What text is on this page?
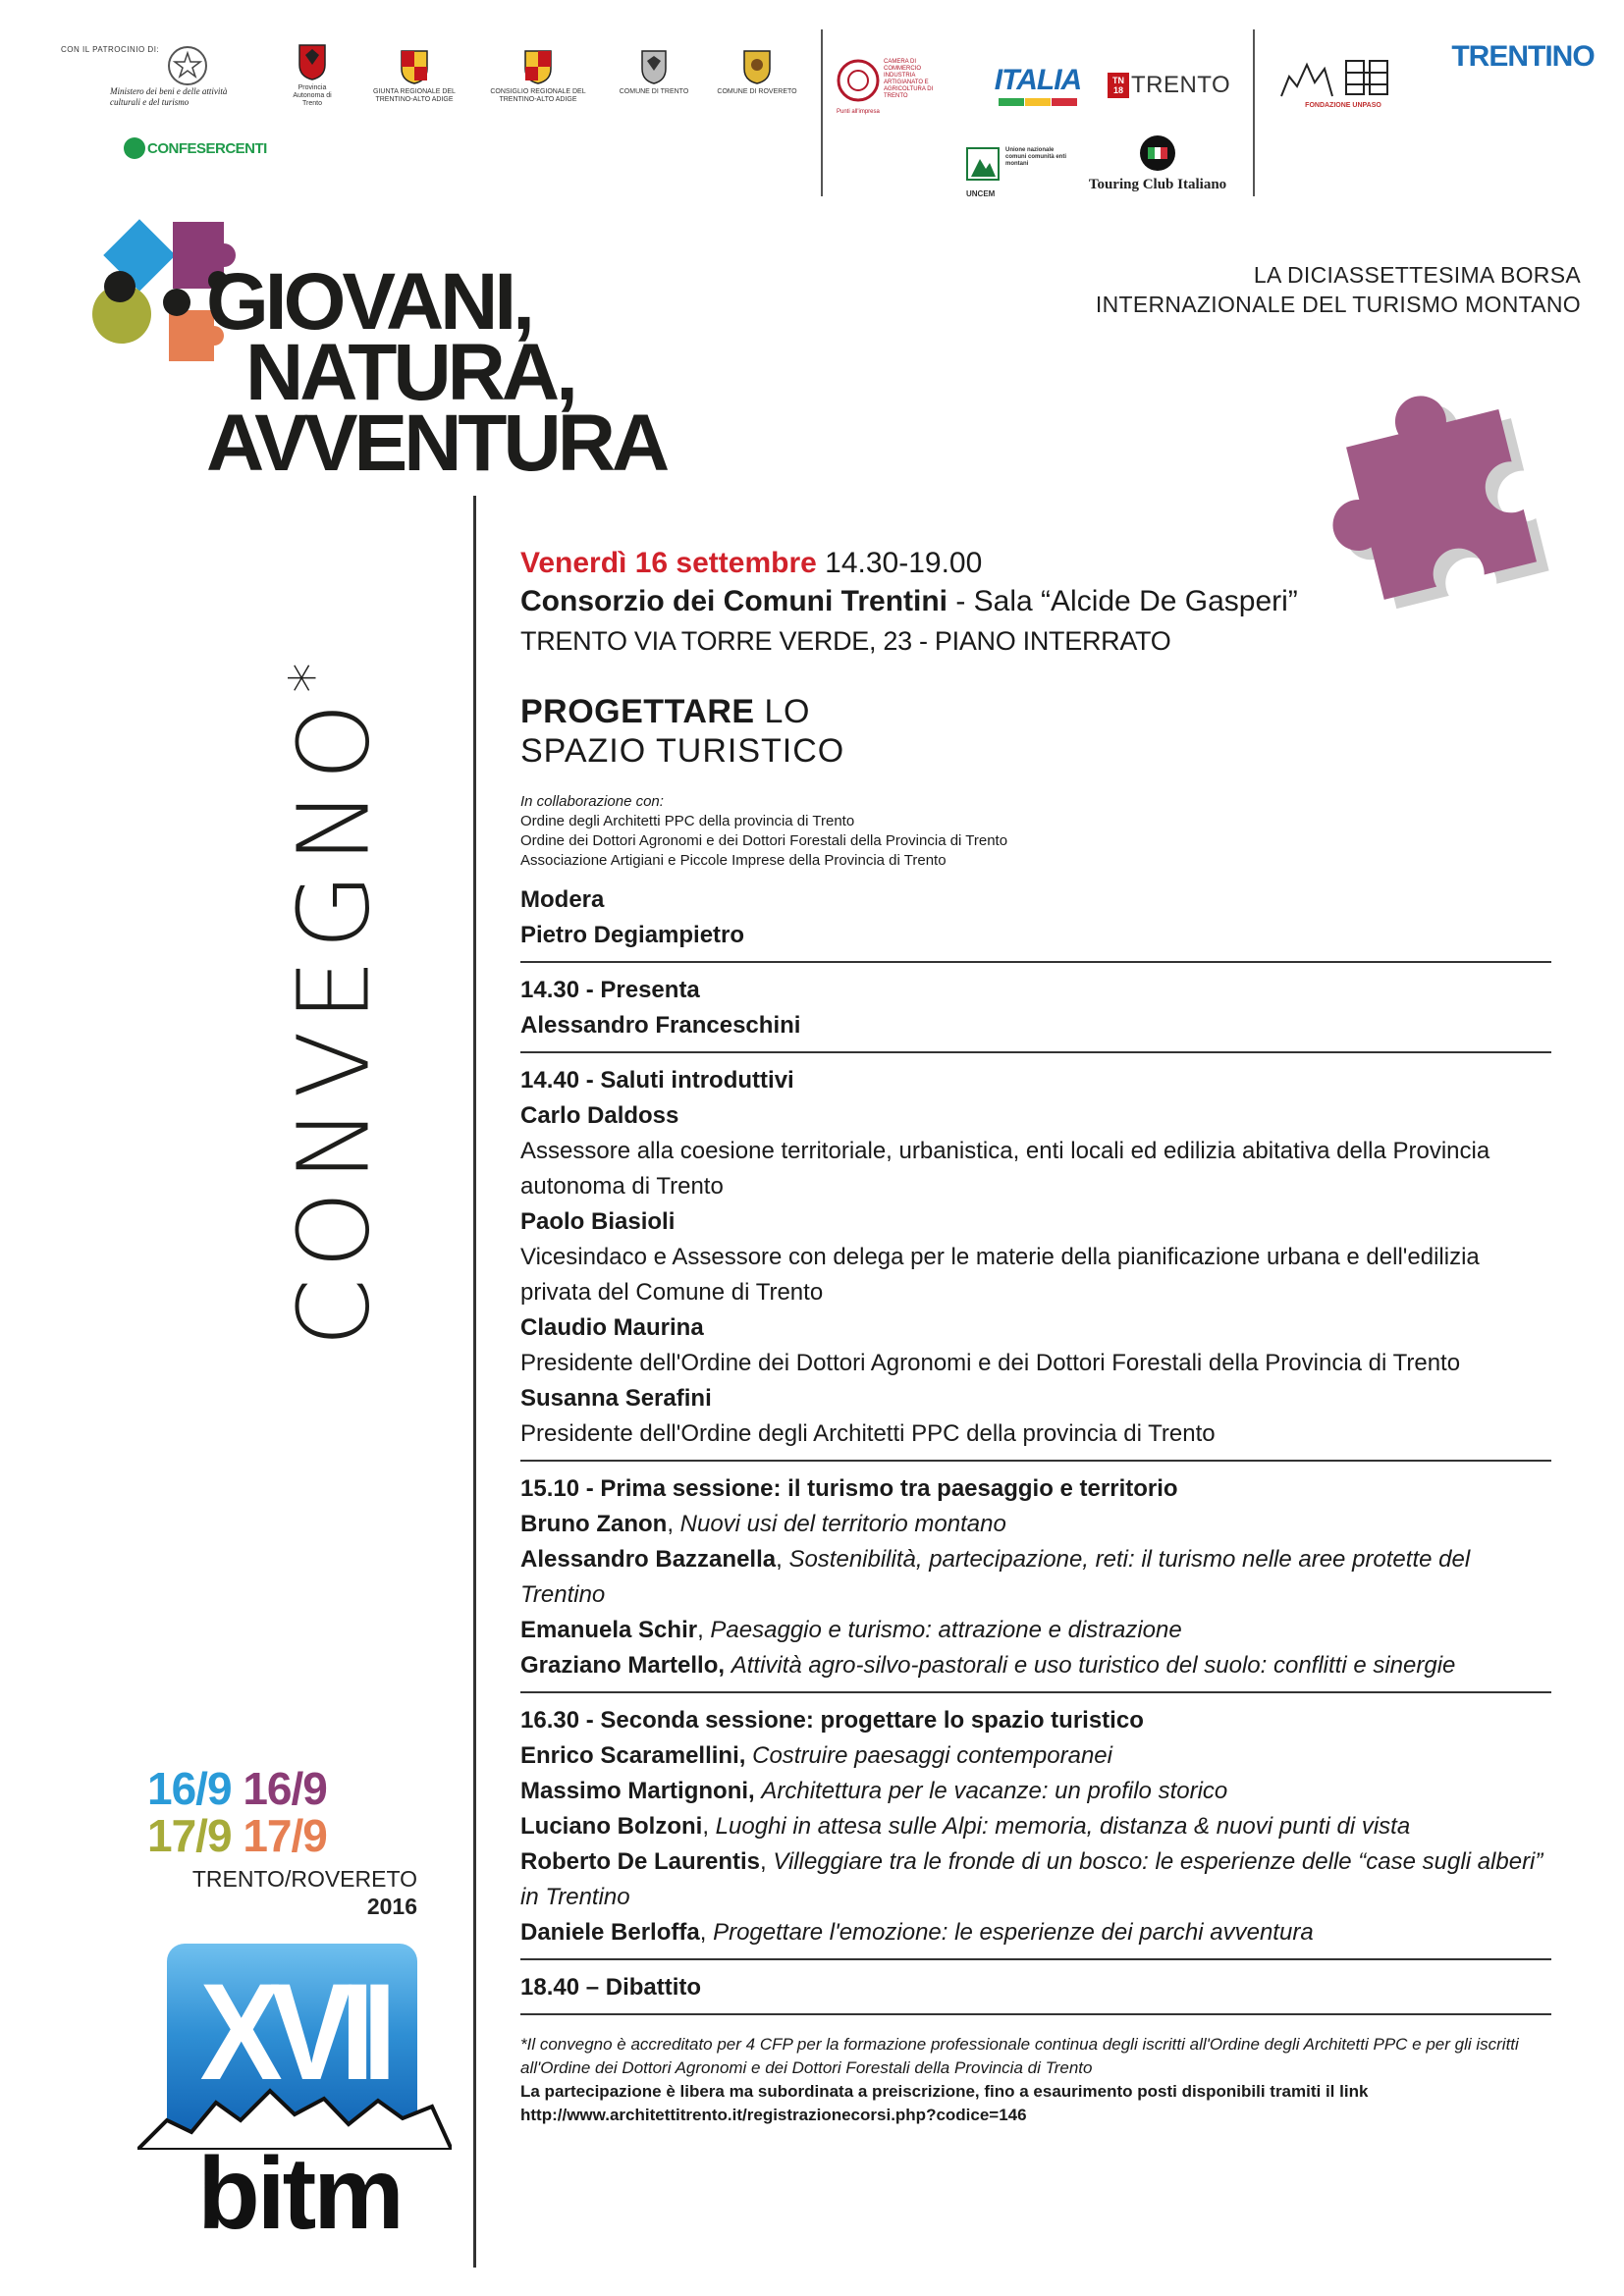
CON IL PATROCINIO DI:
Ministero dei beni e delle attività culturali e del turismo
Provincia Autonoma di Trento
GIUNTA REGIONALE DEL TRENTINO-ALTO ADIGE
CONSIGLIO REGIONALE DEL TRENTINO-ALTO ADIGE
COMUNE DI TRENTO	COMUNE DI ROVERETO
CONFESERCENTI
CAMERA DI COMMERCIO INDUSTRIA ARTIGIANATO E AGRICOLTURA DI TRENTO
Punti all'impresa
ITALIA	TN 18 TRENTO
Unione nazionale comuni comunità enti montani
UNCEM
Touring Club Italiano
FONDAZIONE UNPASO
TRENTINO
GIOVANI,
NATURA,
AVVENTURA
LA DICIASSETTESIMA BORSA
INTERNAZIONALE DEL TURISMO MONTANO
CONVEGNO*
Venerdì 16 settembre 14.30-19.00
Consorzio dei Comuni Trentini - Sala “Alcide De Gasperi”
TRENTO VIA TORRE VERDE, 23 - PIANO INTERRATO
PROGETTARE LO
SPAZIO TURISTICO
In collaborazione con:
Ordine degli Architetti PPC della provincia di Trento
Ordine dei Dottori Agronomi e dei Dottori Forestali della Provincia di Trento
Associazione Artigiani e Piccole Imprese della Provincia di Trento
Modera
Pietro Degiampietro
14.30 - Presenta
Alessandro Franceschini
14.40 - Saluti introduttivi
Carlo Daldoss
Assessore alla coesione territoriale, urbanistica, enti locali ed edilizia abitativa della Provincia autonoma di Trento
Paolo Biasioli
Vicesindaco e Assessore con delega per le materie della pianificazione urbana e dell'edilizia privata del Comune di Trento
Claudio Maurina
Presidente dell'Ordine dei Dottori Agronomi e dei Dottori Forestali della Provincia di Trento
Susanna Serafini
Presidente dell'Ordine degli Architetti PPC della provincia di Trento
15.10 - Prima sessione: il turismo tra paesaggio e territorio
Bruno Zanon, Nuovi usi del territorio montano
Alessandro Bazzanella, Sostenibilità, partecipazione, reti: il turismo nelle aree protette del Trentino
Emanuela Schir, Paesaggio e turismo: attrazione e distrazione
Graziano Martello, Attività agro-silvo-pastorali e uso turistico del suolo: conflitti e sinergie
16.30 - Seconda sessione: progettare lo spazio turistico
Enrico Scaramellini, Costruire paesaggi contemporanei
Massimo Martignoni, Architettura per le vacanze: un profilo storico
Luciano Bolzoni, Luoghi in attesa sulle Alpi: memoria, distanza & nuovi punti di vista
Roberto De Laurentis, Villeggiare tra le fronde di un bosco: le esperienze delle “case sugli alberi” in Trentino
Daniele Berloffa, Progettare l'emozione: le esperienze dei parchi avventura
18.40 – Dibattito
*Il convegno è accreditato per 4 CFP per la formazione professionale continua degli iscritti all'Ordine degli Architetti PPC e per gli iscritti all'Ordine dei Dottori Agronomi e dei Dottori Forestali della Provincia di Trento
La partecipazione è libera ma subordinata a preiscrizione, fino a esaurimento posti disponibili tramiti il link
http://www.architettitrento.it/registrazionecorsi.php?codice=146
16/9 16/9
17/9 17/9
TRENTO/ROVERETO
2016
XVII
bitm
